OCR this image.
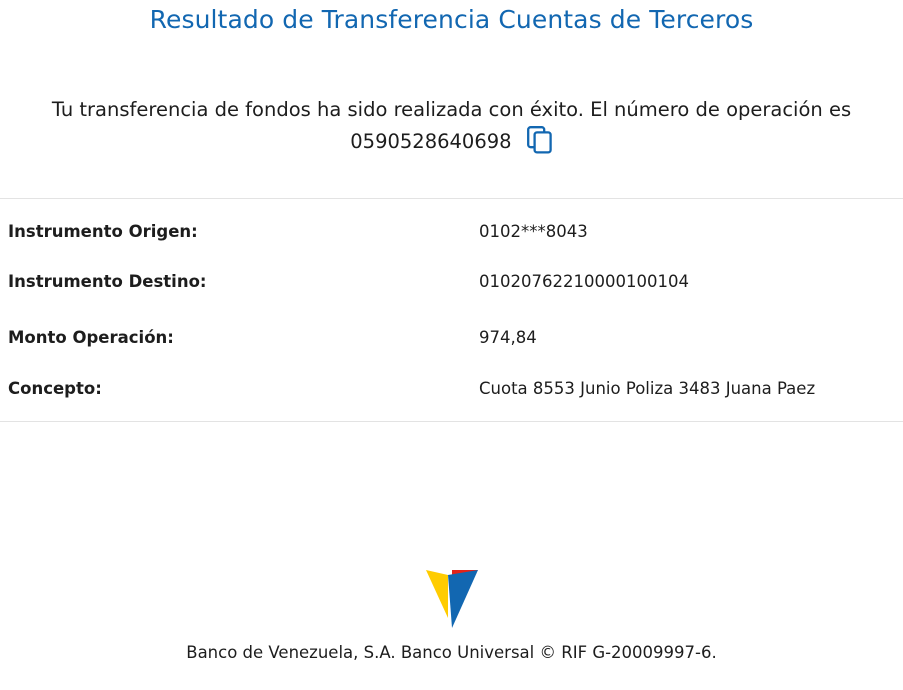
Resultado de Transferencia Cuentas de Terceros
Tu transferencia de fondos ha sido realizada con éxito. El número de operación es
0590528640698
Instrumento Origen:	0102***8043
Instrumento Destino:	01020762210000100104
Monto Operación:	974,84
Concepto:	Cuota 8553 Junio Poliza 3483 Juana Paez
Banco de Venezuela, S.A. Banco Universal © RIF G-20009997-6.
